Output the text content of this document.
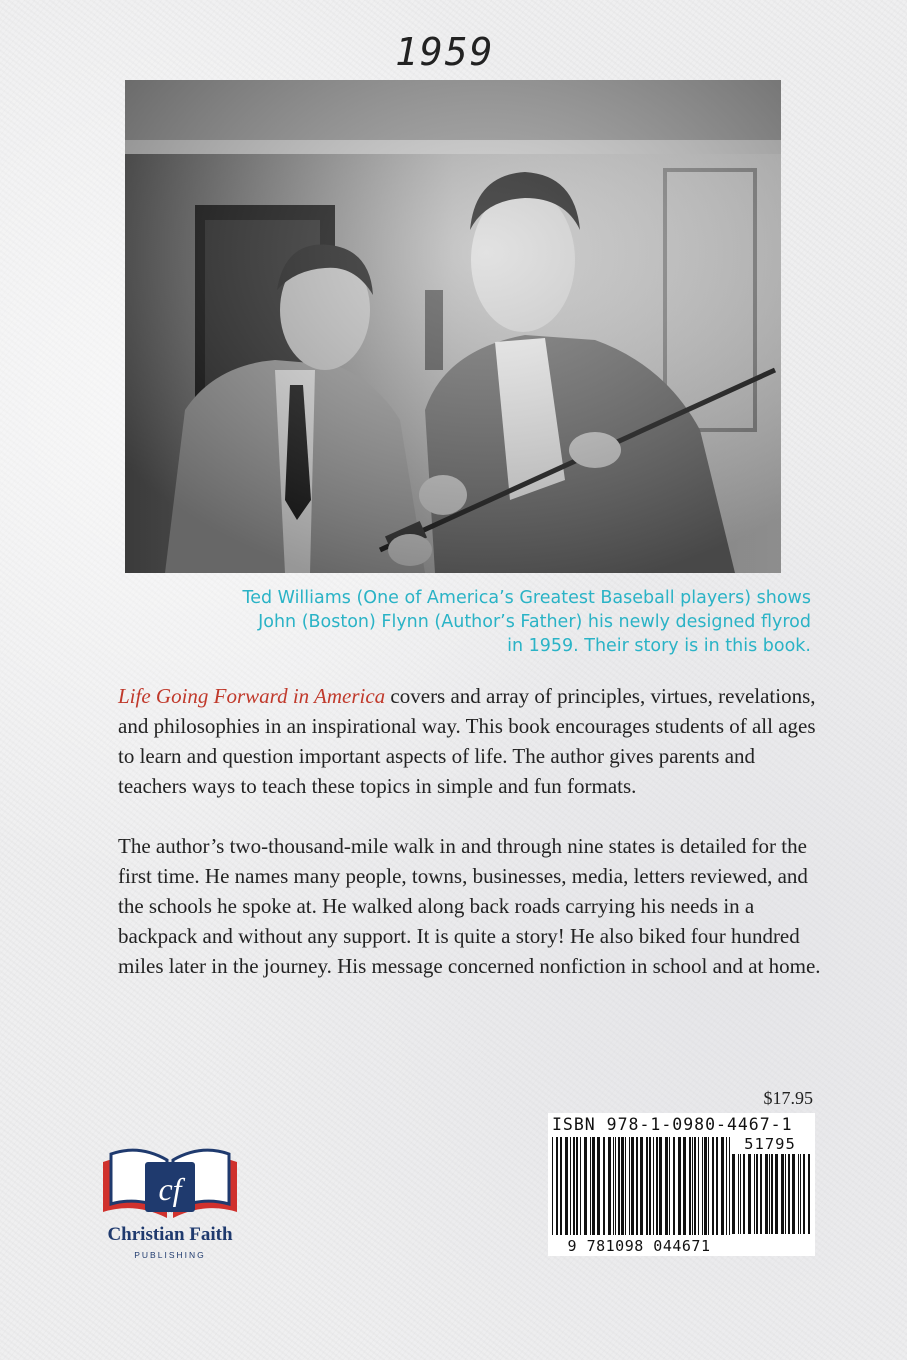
1959
Ted Williams (One of America’s Greatest Baseball players) shows
John (Boston) Flynn (Author’s Father) his newly designed flyrod
in 1959. Their story is in this book.

Life Going Forward in America covers and array of principles, virtues, revelations, and philosophies in an inspirational way. This book encourages students of all ages to learn and question important aspects of life. The author gives parents and teachers ways to teach these topics in simple and fun formats.

The author’s two-thousand-mile walk in and through nine states is detailed for the first time. He names many people, towns, businesses, media, letters reviewed, and the schools he spoke at. He walked along back roads carrying his needs in a backpack and without any support. It is quite a story! He also biked four hundred miles later in the journey. His message concerned nonfiction in school and at home.

$17.95
ISBN 978-1-0980-4467-1
51795
9 781098 044671
cf
Christian Faith
PUBLISHING
